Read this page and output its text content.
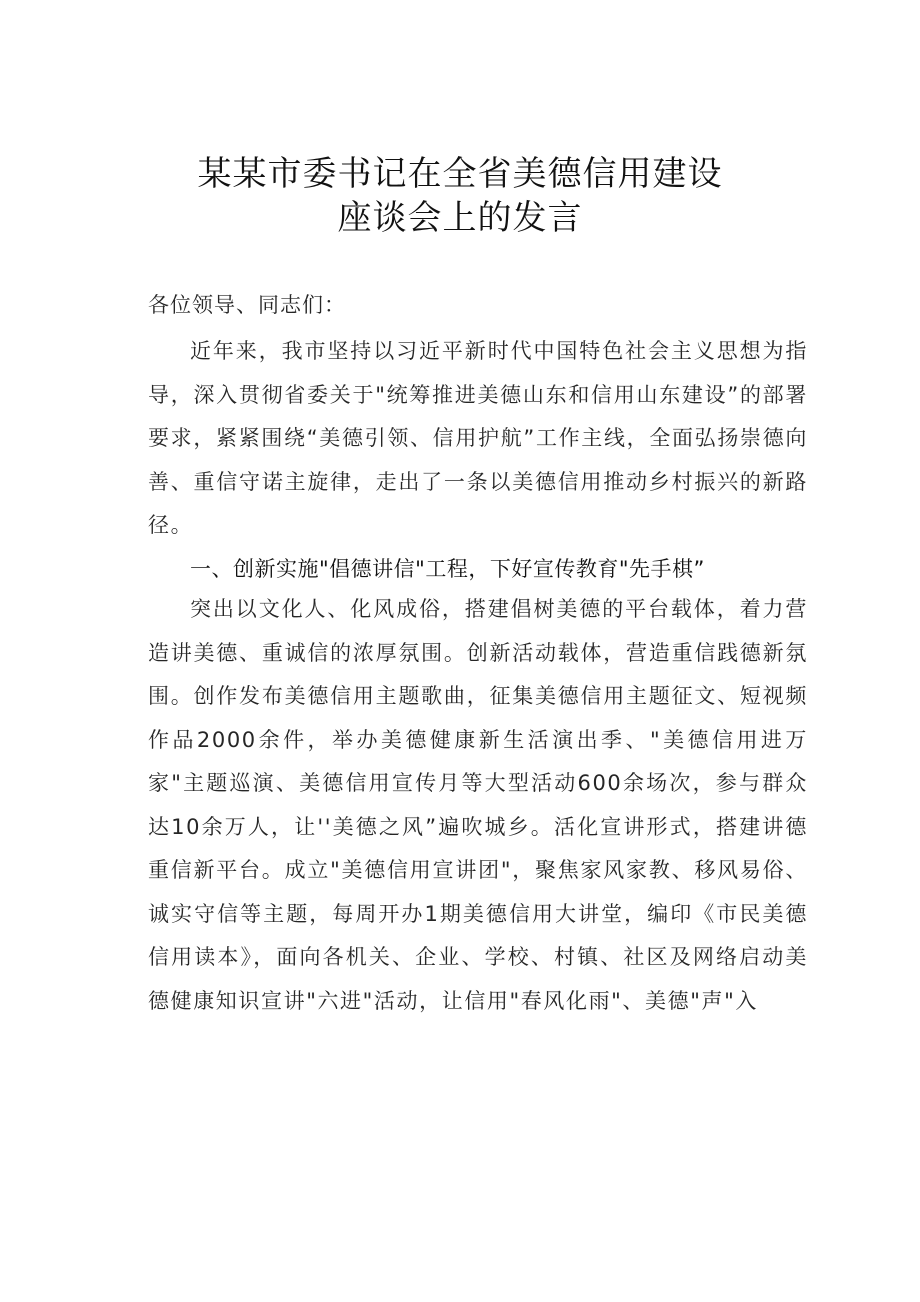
某某市委书记在全省美德信用建设
座谈会上的发言
各位领导、同志们：

近年来，我市坚持以习近平新时代中国特色社会主义思想为指导，深入贯彻省委关于"统筹推进美德山东和信用山东建设”的部署要求，紧紧围绕“美德引领、信用护航”工作主线，全面弘扬崇德向善、重信守诺主旋律，走出了一条以美德信用推动乡村振兴的新路径。

一、创新实施"倡德讲信"工程，下好宣传教育"先手棋”

突出以文化人、化风成俗，搭建倡树美德的平台载体，着力营造讲美德、重诚信的浓厚氛围。创新活动载体，营造重信践德新氛围。创作发布美德信用主题歌曲，征集美德信用主题征文、短视频作品2000余件，举办美德健康新生活演出季、"美德信用进万家"主题巡演、美德信用宣传月等大型活动600余场次，参与群众达10余万人，让''美德之风”遍吹城乡。活化宣讲形式，搭建讲德重信新平台。成立"美德信用宣讲团"，聚焦家风家教、移风易俗、诚实守信等主题，每周开办1期美德信用大讲堂，编印《市民美德信用读本》，面向各机关、企业、学校、村镇、社区及网络启动美德健康知识宣讲"六进"活动，让信用"春风化雨"、美德"声"入
